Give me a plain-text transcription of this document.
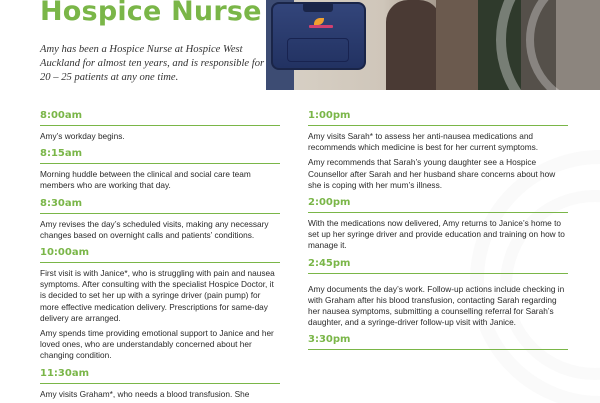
Hospice Nurse
Amy has been a Hospice Nurse at Hospice West Auckland for almost ten years, and is responsible for 20 – 25 patients at any one time.
8:00am
Amy’s workday begins.
8:15am
Morning huddle between the clinical and social care team members who are working that day.
8:30am
Amy revises the day’s scheduled visits, making any necessary changes based on overnight calls and patients’ conditions.
10:00am
First visit is with Janice*, who is struggling with pain and nausea symptoms. After consulting with the specialist Hospice Doctor, it is decided to set her up with a syringe driver (pain pump) for more effective medication delivery. Prescriptions for same-day delivery are arranged.
Amy spends time providing emotional support to Janice and her loved ones, who are understandably concerned about her changing condition.
11:30am
Amy visits Graham*, who needs a blood transfusion. She
1:00pm
Amy visits Sarah* to assess her anti-nausea medications and recommends which medicine is best for her current symptoms.
Amy recommends that Sarah’s young daughter see a Hospice Counsellor after Sarah and her husband share concerns about how she is coping with her mum’s illness.
2:00pm
With the medications now delivered, Amy returns to Janice’s home to set up her syringe driver and provide education and training on how to manage it.
2:45pm
Amy documents the day’s work. Follow-up actions include checking in with Graham after his blood transfusion, contacting Sarah regarding her nausea symptoms, submitting a counselling referral for Sarah’s daughter, and a syringe-driver follow-up visit with Janice.
3:30pm
